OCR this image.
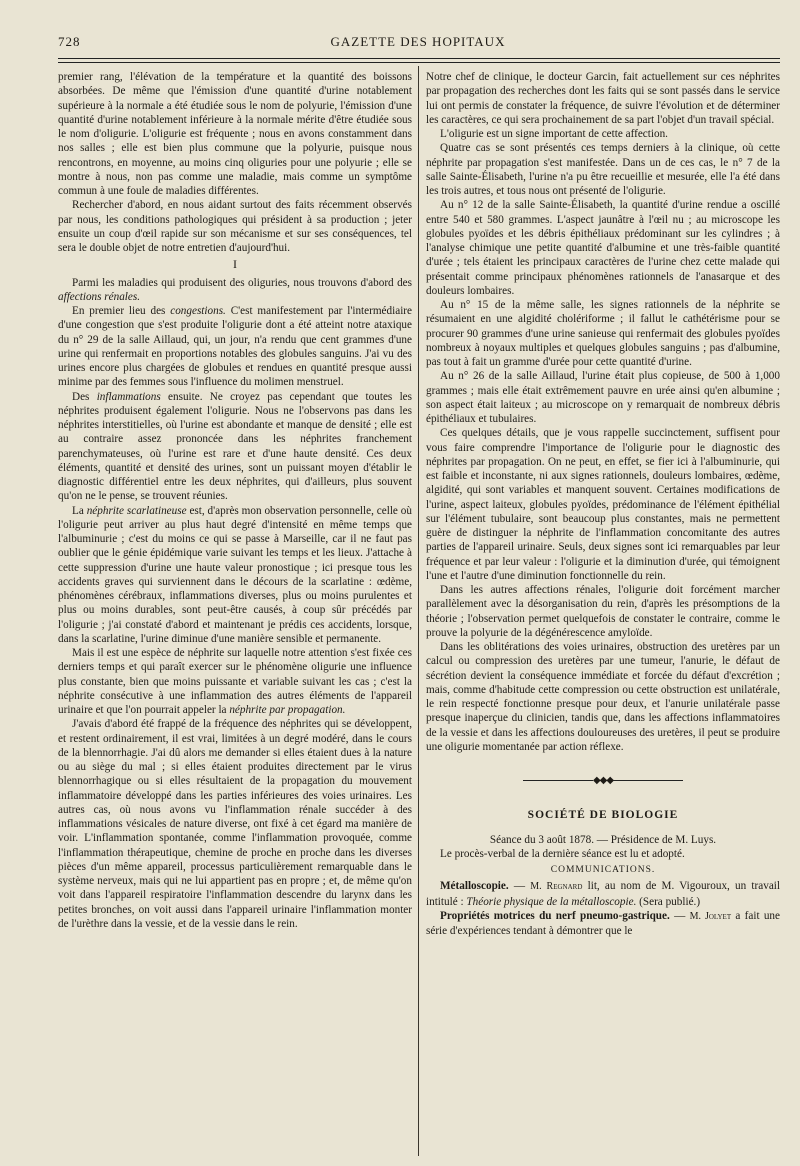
728	GAZETTE DES HOPITAUX

premier rang, l'élévation de la température et la quantité des boissons absorbées. De même que l'émission d'une quantité d'urine notablement supérieure à la normale a été étudiée sous le nom de polyurie, l'émission d'une quantité d'urine notablement inférieure à la normale mérite d'être étudiée sous le nom d'oligurie. L'oligurie est fréquente ; nous en avons constamment dans nos salles ; elle est bien plus commune que la polyurie, puisque nous rencontrons, en moyenne, au moins cinq oliguries pour une polyurie ; elle se montre à nous, non pas comme une maladie, mais comme un symptôme commun à une foule de maladies différentes.

Rechercher d'abord, en nous aidant surtout des faits récemment observés par nous, les conditions pathologiques qui président à sa production ; jeter ensuite un coup d'œil rapide sur son mécanisme et sur ses conséquences, tel sera le double objet de notre entretien d'aujourd'hui.

I

Parmi les maladies qui produisent des oliguries, nous trouvons d'abord des affections rénales.

En premier lieu des congestions. C'est manifestement par l'intermédiaire d'une congestion que s'est produite l'oligurie dont a été atteint notre ataxique du n° 29 de la salle Aillaud, qui, un jour, n'a rendu que cent grammes d'une urine qui renfermait en proportions notables des globules sanguins. J'ai vu des urines encore plus chargées de globules et rendues en quantité presque aussi minime par des femmes sous l'influence du molimen menstruel.

Des inflammations ensuite. Ne croyez pas cependant que toutes les néphrites produisent également l'oligurie. Nous ne l'observons pas dans les néphrites interstitielles, où l'urine est abondante et manque de densité ; elle est au contraire assez prononcée dans les néphrites franchement parenchymateuses, où l'urine est rare et d'une haute densité. Ces deux éléments, quantité et densité des urines, sont un puissant moyen d'établir le diagnostic différentiel entre les deux néphrites, qui d'ailleurs, plus souvent qu'on ne le pense, se trouvent réunies.

La néphrite scarlatineuse est, d'après mon observation personnelle, celle où l'oligurie peut arriver au plus haut degré d'intensité en même temps que l'albuminurie ; c'est du moins ce qui se passe à Marseille, car il ne faut pas oublier que le génie épidémique varie suivant les temps et les lieux. J'attache à cette suppression d'urine une haute valeur pronostique ; ici presque tous les accidents graves qui surviennent dans le décours de la scarlatine : œdème, phénomènes cérébraux, inflammations diverses, plus ou moins purulentes et plus ou moins durables, sont peut-être causés, à coup sûr précédés par l'oligurie ; j'ai constaté d'abord et maintenant je prédis ces accidents, lorsque, dans la scarlatine, l'urine diminue d'une manière sensible et permanente.

Mais il est une espèce de néphrite sur laquelle notre attention s'est fixée ces derniers temps et qui paraît exercer sur le phénomène oligurie une influence plus constante, bien que moins puissante et variable suivant les cas ; c'est la néphrite consécutive à une inflammation des autres éléments de l'appareil urinaire et que l'on pourrait appeler la néphrite par propagation.

J'avais d'abord été frappé de la fréquence des néphrites qui se développent, et restent ordinairement, il est vrai, limitées à un degré modéré, dans le cours de la blennorrhagie. J'ai dû alors me demander si elles étaient dues à la nature ou au siège du mal ; si elles étaient produites directement par le virus blennorrhagique ou si elles résultaient de la propagation du mouvement inflammatoire développé dans les parties inférieures des voies urinaires. Les autres cas, où nous avons vu l'inflammation rénale succéder à des inflammations vésicales de nature diverse, ont fixé à cet égard ma manière de voir. L'inflammation spontanée, comme l'inflammation provoquée, comme l'inflammation thérapeutique, chemine de proche en proche dans les diverses pièces d'un même appareil, processus particulièrement remarquable dans le système nerveux, mais qui ne lui appartient pas en propre ; et, de même qu'on voit dans l'appareil respiratoire l'inflammation descendre du larynx dans les petites bronches, on voit aussi dans l'appareil urinaire l'inflammation monter de l'urèthre dans la vessie, et de la vessie dans le rein.

Notre chef de clinique, le docteur Garcin, fait actuellement sur ces néphrites par propagation des recherches dont les faits qui se sont passés dans le service lui ont permis de constater la fréquence, de suivre l'évolution et de déterminer les caractères, ce qui sera prochainement de sa part l'objet d'un travail spécial.

L'oligurie est un signe important de cette affection.

Quatre cas se sont présentés ces temps derniers à la clinique, où cette néphrite par propagation s'est manifestée. Dans un de ces cas, le n° 7 de la salle Sainte-Élisabeth, l'urine n'a pu être recueillie et mesurée, elle l'a été dans les trois autres, et tous nous ont présenté de l'oligurie.

Au n° 12 de la salle Sainte-Élisabeth, la quantité d'urine rendue a oscillé entre 540 et 580 grammes. L'aspect jaunâtre à l'œil nu ; au microscope les globules pyoïdes et les débris épithéliaux prédominant sur les cylindres ; à l'analyse chimique une petite quantité d'albumine et une très-faible quantité d'urée ; tels étaient les principaux caractères de l'urine chez cette malade qui présentait comme principaux phénomènes rationnels de l'anasarque et des douleurs lombaires.

Au n° 15 de la même salle, les signes rationnels de la néphrite se résumaient en une algidité cholériforme ; il fallut le cathétérisme pour se procurer 90 grammes d'une urine sanieuse qui renfermait des globules pyoïdes nombreux à noyaux multiples et quelques globules sanguins ; pas d'albumine, pas tout à fait un gramme d'urée pour cette quantité d'urine.

Au n° 26 de la salle Aillaud, l'urine était plus copieuse, de 500 à 1,000 grammes ; mais elle était extrêmement pauvre en urée ainsi qu'en albumine ; son aspect était laiteux ; au microscope on y remarquait de nombreux débris épithéliaux et tubulaires.

Ces quelques détails, que je vous rappelle succinctement, suffisent pour vous faire comprendre l'importance de l'oligurie pour le diagnostic des néphrites par propagation. On ne peut, en effet, se fier ici à l'albuminurie, qui est faible et inconstante, ni aux signes rationnels, douleurs lombaires, œdème, algidité, qui sont variables et manquent souvent. Certaines modifications de l'urine, aspect laiteux, globules pyoïdes, prédominance de l'élément épithélial sur l'élément tubulaire, sont beaucoup plus constantes, mais ne permettent guère de distinguer la néphrite de l'inflammation concomitante des autres parties de l'appareil urinaire. Seuls, deux signes sont ici remarquables par leur fréquence et par leur valeur : l'oligurie et la diminution d'urée, qui témoignent l'une et l'autre d'une diminution fonctionnelle du rein.

Dans les autres affections rénales, l'oligurie doit forcément marcher parallèlement avec la désorganisation du rein, d'après les présomptions de la théorie ; l'observation permet quelquefois de constater le contraire, comme le prouve la polyurie de la dégénérescence amyloïde.

Dans les oblitérations des voies urinaires, obstruction des uretères par un calcul ou compression des uretères par une tumeur, l'anurie, le défaut de sécrétion devient la conséquence immédiate et forcée du défaut d'excrétion ; mais, comme d'habitude cette compression ou cette obstruction est unilatérale, le rein respecté fonctionne presque pour deux, et l'anurie unilatérale passe presque inaperçue du clinicien, tandis que, dans les affections inflammatoires de la vessie et dans les affections douloureuses des uretères, il peut se produire une oligurie momentanée par action réflexe.

◆◆◆
SOCIÉTÉ DE BIOLOGIE

Séance du 3 août 1878. — Présidence de M. Luys.

Le procès-verbal de la dernière séance est lu et adopté.

COMMUNICATIONS.

Métalloscopie. — M. Regnard lit, au nom de M. Vigouroux, un travail intitulé : Théorie physique de la métalloscopie. (Sera publié.)

Propriétés motrices du nerf pneumo-gastrique. — M. Jolyet a fait une série d'expériences tendant à démontrer que le
